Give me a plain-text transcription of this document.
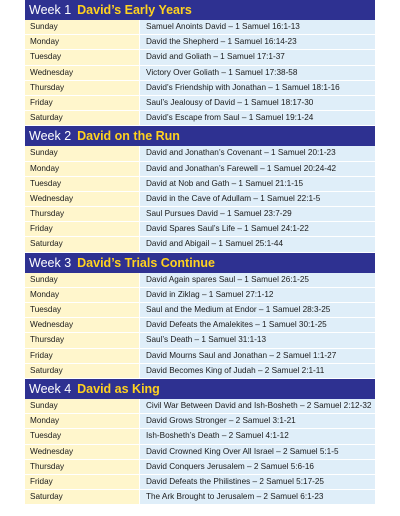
Week 1 David’s Early Years
Sunday	Samuel Anoints David – 1 Samuel 16:1-13
Monday	David the Shepherd – 1 Samuel 16:14-23
Tuesday	David and Goliath – 1 Samuel 17:1-37
Wednesday	Victory Over Goliath – 1 Samuel 17:38-58
Thursday	David’s Friendship with Jonathan – 1 Samuel 18:1-16
Friday	Saul’s Jealousy of David – 1 Samuel 18:17-30
Saturday	David’s Escape from Saul – 1 Samuel 19:1-24
Week 2 David on the Run
Sunday	David and Jonathan’s Covenant – 1 Samuel 20:1-23
Monday	David and Jonathan’s Farewell – 1 Samuel 20:24-42
Tuesday	David at Nob and Gath – 1 Samuel 21:1-15
Wednesday	David in the Cave of Adullam – 1 Samuel 22:1-5
Thursday	Saul Pursues David – 1 Samuel 23:7-29
Friday	David Spares Saul’s Life – 1 Samuel 24:1-22
Saturday	David and Abigail – 1 Samuel 25:1-44
Week 3 David’s Trials Continue
Sunday	David Again spares Saul – 1 Samuel 26:1-25
Monday	David in Ziklag – 1 Samuel 27:1-12
Tuesday	Saul and the Medium at Endor – 1 Samuel 28:3-25
Wednesday	David Defeats the Amalekites – 1 Samuel 30:1-25
Thursday	Saul’s Death – 1 Samuel 31:1-13
Friday	David Mourns Saul and Jonathan – 2 Samuel 1:1-27
Saturday	David Becomes King of Judah – 2 Samuel 2:1-11
Week 4 David as King
Sunday	Civil War Between David and Ish-Bosheth – 2 Samuel 2:12-32
Monday	David Grows Stronger – 2 Samuel 3:1-21
Tuesday	Ish-Bosheth’s Death – 2 Samuel 4:1-12
Wednesday	David Crowned King Over All Israel – 2 Samuel 5:1-5
Thursday	David Conquers Jerusalem – 2 Samuel 5:6-16
Friday	David Defeats the Philistines – 2 Samuel 5:17-25
Saturday	The Ark Brought to Jerusalem – 2 Samuel 6:1-23
